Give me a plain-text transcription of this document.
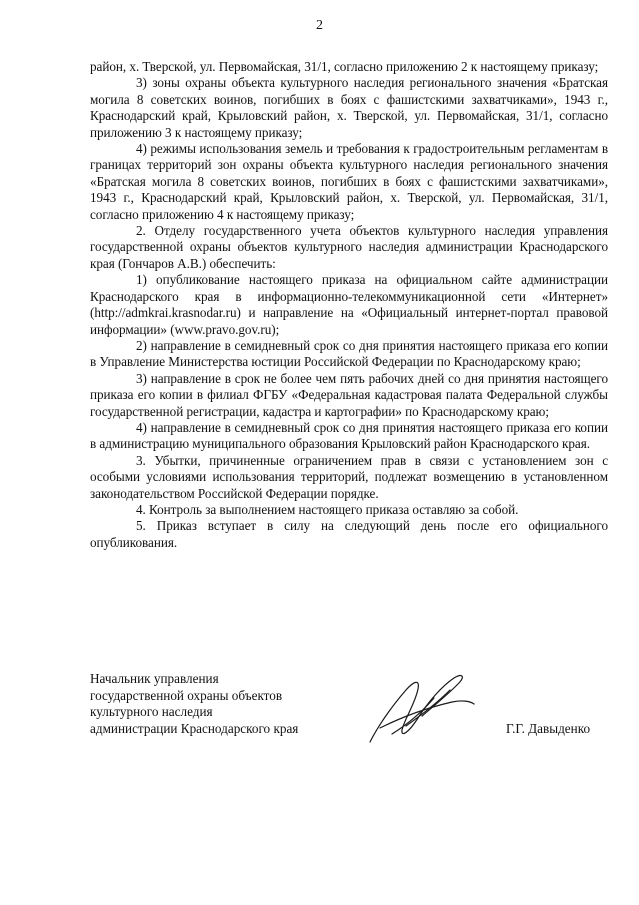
2

район, х. Тверской, ул. Первомайская, 31/1, согласно приложению 2 к настоящему приказу;

3) зоны охраны объекта культурного наследия регионального значения «Братская могила 8 советских воинов, погибших в боях с фашистскими захватчиками», 1943 г., Краснодарский край, Крыловский район, х. Тверской, ул. Первомайская, 31/1, согласно приложению 3 к настоящему приказу;

4) режимы использования земель и требования к градостроительным регламентам в границах территорий зон охраны объекта культурного наследия регионального значения «Братская могила 8 советских воинов, погибших в боях с фашистскими захватчиками», 1943 г., Краснодарский край, Крыловский район, х. Тверской, ул. Первомайская, 31/1, согласно приложению 4 к настоящему приказу;

2. Отделу государственного учета объектов культурного наследия управления государственной охраны объектов культурного наследия администрации Краснодарского края (Гончаров А.В.) обеспечить:

1) опубликование настоящего приказа на официальном сайте администрации Краснодарского края в информационно-телекоммуникационной сети «Интернет» (http://admkrai.krasnodar.ru) и направление на «Официальный интернет-портал правовой информации» (www.pravo.gov.ru);

2) направление в семидневный срок со дня принятия настоящего приказа его копии в Управление Министерства юстиции Российской Федерации по Краснодарскому краю;

3) направление в срок не более чем пять рабочих дней со дня принятия настоящего приказа его копии в филиал ФГБУ «Федеральная кадастровая палата Федеральной службы государственной регистрации, кадастра и картографии» по Краснодарскому краю;

4) направление в семидневный срок со дня принятия настоящего приказа его копии в администрацию муниципального образования Крыловский район Краснодарского края.

3. Убытки, причиненные ограничением прав в связи с установлением зон с особыми условиями использования территорий, подлежат возмещению в установленном законодательством Российской Федерации порядке.

4. Контроль за выполнением настоящего приказа оставляю за собой.

5. Приказ вступает в силу на следующий день после его официального опубликования.

Начальник управления
государственной охраны объектов
культурного наследия
администрации Краснодарского края	Г.Г. Давыденко
